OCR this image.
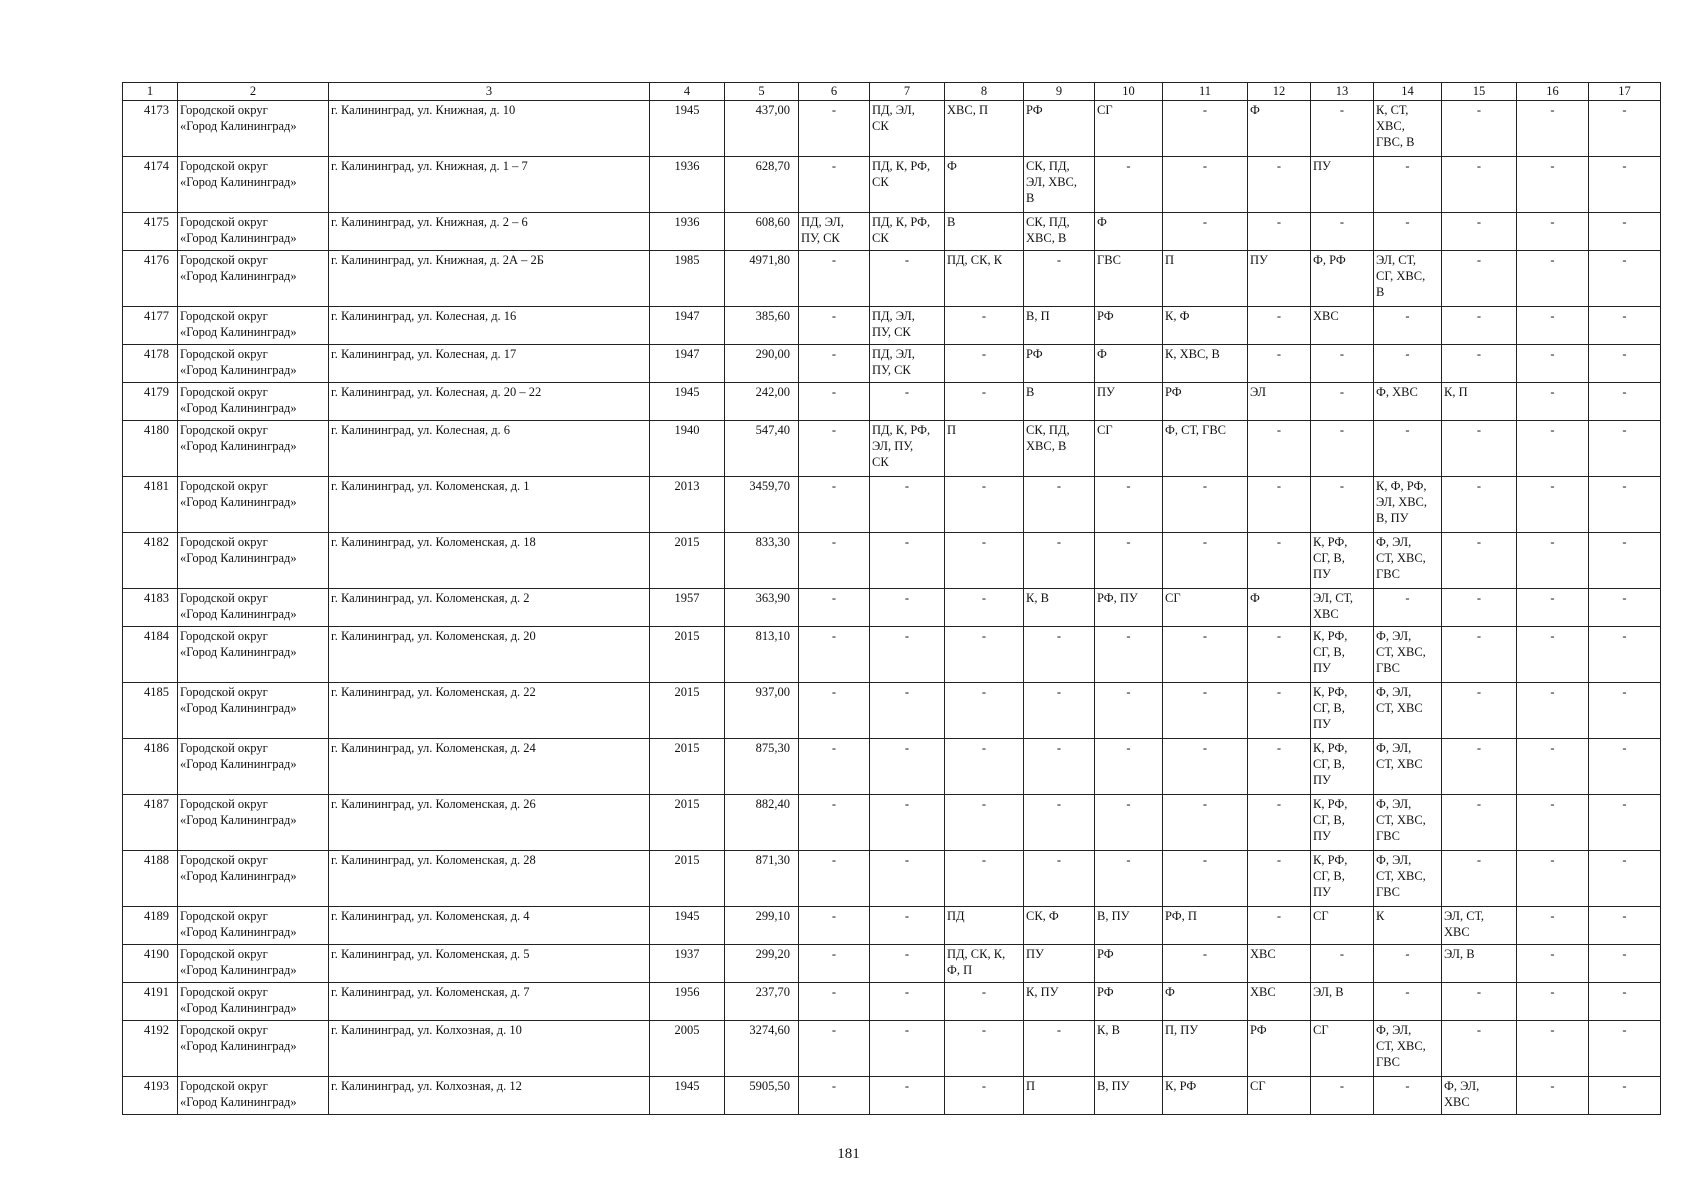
1	2	3	4	5	6	7	8	9	10	11	12	13	14	15	16	17
4173	Городской округ
«Город Калининград»	г. Калининград, ул. Книжная, д. 10	1945	437,00	-	ПД, ЭЛ,
СК	ХВС, П	РФ	СГ	-	Ф	-	К, СТ,
ХВС,
ГВС, В	-	-	-
4174	Городской округ
«Город Калининград»	г. Калининград, ул. Книжная, д. 1 – 7	1936	628,70	-	ПД, К, РФ,
СК	Ф	СК, ПД,
ЭЛ, ХВС,
В	-	-	-	ПУ	-	-	-	-
4175	Городской округ
«Город Калининград»	г. Калининград, ул. Книжная, д. 2 – 6	1936	608,60	ПД, ЭЛ,
ПУ, СК	ПД, К, РФ,
СК	В	СК, ПД,
ХВС, В	Ф	-	-	-	-	-	-	-
4176	Городской округ
«Город Калининград»	г. Калининград, ул. Книжная, д. 2А – 2Б	1985	4971,80	-	-	ПД, СК, К	-	ГВС	П	ПУ	Ф, РФ	ЭЛ, СТ,
СГ, ХВС,
В	-	-	-
4177	Городской округ
«Город Калининград»	г. Калининград, ул. Колесная, д. 16	1947	385,60	-	ПД, ЭЛ,
ПУ, СК	-	В, П	РФ	К, Ф	-	ХВС	-	-	-	-
4178	Городской округ
«Город Калининград»	г. Калининград, ул. Колесная, д. 17	1947	290,00	-	ПД, ЭЛ,
ПУ, СК	-	РФ	Ф	К, ХВС, В	-	-	-	-	-	-
4179	Городской округ
«Город Калининград»	г. Калининград, ул. Колесная, д. 20 – 22	1945	242,00	-	-	-	В	ПУ	РФ	ЭЛ	-	Ф, ХВС	К, П	-	-
4180	Городской округ
«Город Калининград»	г. Калининград, ул. Колесная, д. 6	1940	547,40	-	ПД, К, РФ,
ЭЛ, ПУ,
СК	П	СК, ПД,
ХВС, В	СГ	Ф, СТ, ГВС	-	-	-	-	-	-
4181	Городской округ
«Город Калининград»	г. Калининград, ул. Коломенская, д. 1	2013	3459,70	-	-	-	-	-	-	-	-	К, Ф, РФ,
ЭЛ, ХВС,
В, ПУ	-	-	-
4182	Городской округ
«Город Калининград»	г. Калининград, ул. Коломенская, д. 18	2015	833,30	-	-	-	-	-	-	-	К, РФ,
СГ, В,
ПУ	Ф, ЭЛ,
СТ, ХВС,
ГВС	-	-	-
4183	Городской округ
«Город Калининград»	г. Калининград, ул. Коломенская, д. 2	1957	363,90	-	-	-	К, В	РФ, ПУ	СГ	Ф	ЭЛ, СТ,
ХВС	-	-	-	-
4184	Городской округ
«Город Калининград»	г. Калининград, ул. Коломенская, д. 20	2015	813,10	-	-	-	-	-	-	-	К, РФ,
СГ, В,
ПУ	Ф, ЭЛ,
СТ, ХВС,
ГВС	-	-	-
4185	Городской округ
«Город Калининград»	г. Калининград, ул. Коломенская, д. 22	2015	937,00	-	-	-	-	-	-	-	К, РФ,
СГ, В,
ПУ	Ф, ЭЛ,
СТ, ХВС	-	-	-
4186	Городской округ
«Город Калининград»	г. Калининград, ул. Коломенская, д. 24	2015	875,30	-	-	-	-	-	-	-	К, РФ,
СГ, В,
ПУ	Ф, ЭЛ,
СТ, ХВС	-	-	-
4187	Городской округ
«Город Калининград»	г. Калининград, ул. Коломенская, д. 26	2015	882,40	-	-	-	-	-	-	-	К, РФ,
СГ, В,
ПУ	Ф, ЭЛ,
СТ, ХВС,
ГВС	-	-	-
4188	Городской округ
«Город Калининград»	г. Калининград, ул. Коломенская, д. 28	2015	871,30	-	-	-	-	-	-	-	К, РФ,
СГ, В,
ПУ	Ф, ЭЛ,
СТ, ХВС,
ГВС	-	-	-
4189	Городской округ
«Город Калининград»	г. Калининград, ул. Коломенская, д. 4	1945	299,10	-	-	ПД	СК, Ф	В, ПУ	РФ, П	-	СГ	К	ЭЛ, СТ,
ХВС	-	-
4190	Городской округ
«Город Калининград»	г. Калининград, ул. Коломенская, д. 5	1937	299,20	-	-	ПД, СК, К,
Ф, П	ПУ	РФ	-	ХВС	-	-	ЭЛ, В	-	-
4191	Городской округ
«Город Калининград»	г. Калининград, ул. Коломенская, д. 7	1956	237,70	-	-	-	К, ПУ	РФ	Ф	ХВС	ЭЛ, В	-	-	-	-
4192	Городской округ
«Город Калининград»	г. Калининград, ул. Колхозная, д. 10	2005	3274,60	-	-	-	-	К, В	П, ПУ	РФ	СГ	Ф, ЭЛ,
СТ, ХВС,
ГВС	-	-	-
4193	Городской округ
«Город Калининград»	г. Калининград, ул. Колхозная, д. 12	1945	5905,50	-	-	-	П	В, ПУ	К, РФ	СГ	-	-	Ф, ЭЛ,
ХВС	-	-
181
